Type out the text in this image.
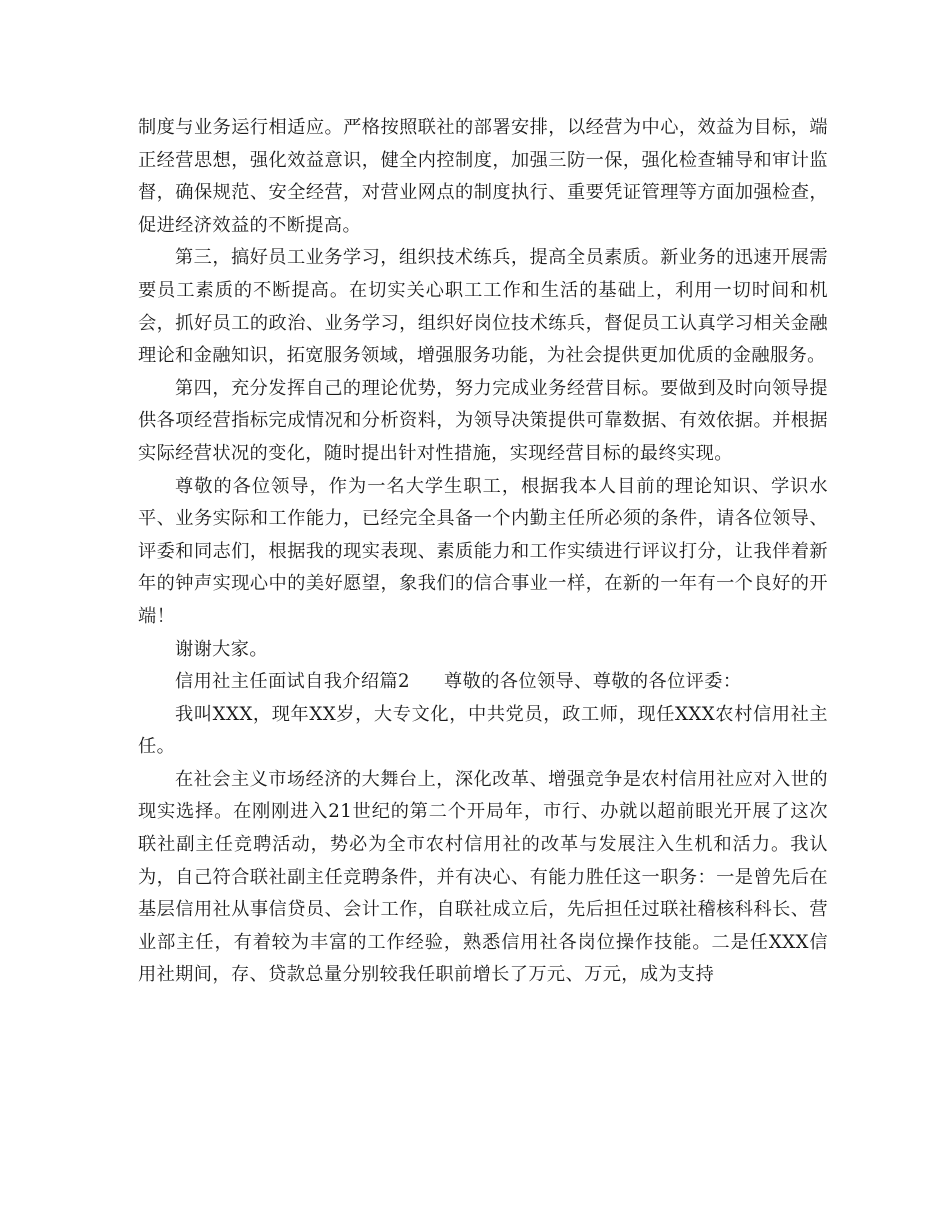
制度与业务运行相适应。严格按照联社的部署安排，以经营为中心，效益为目标，端正经营思想，强化效益意识，健全内控制度，加强三防一保，强化检查辅导和审计监督，确保规范、安全经营，对营业网点的制度执行、重要凭证管理等方面加强检查，促进经济效益的不断提高。

第三，搞好员工业务学习，组织技术练兵，提高全员素质。新业务的迅速开展需要员工素质的不断提高。在切实关心职工工作和生活的基础上，利用一切时间和机会，抓好员工的政治、业务学习，组织好岗位技术练兵，督促员工认真学习相关金融理论和金融知识，拓宽服务领域，增强服务功能，为社会提供更加优质的金融服务。

第四，充分发挥自己的理论优势，努力完成业务经营目标。要做到及时向领导提供各项经营指标完成情况和分析资料，为领导决策提供可靠数据、有效依据。并根据实际经营状况的变化，随时提出针对性措施，实现经营目标的最终实现。

尊敬的各位领导，作为一名大学生职工，根据我本人目前的理论知识、学识水平、业务实际和工作能力，已经完全具备一个内勤主任所必须的条件，请各位领导、评委和同志们，根据我的现实表现、素质能力和工作实绩进行评议打分，让我伴着新年的钟声实现心中的美好愿望，象我们的信合事业一样，在新的一年有一个良好的开端！

谢谢大家。

信用社主任面试自我介绍篇2 尊敬的各位领导、尊敬的各位评委：

我叫XXX，现年XX岁，大专文化，中共党员，政工师，现任XXX农村信用社主任。

在社会主义市场经济的大舞台上，深化改革、增强竞争是农村信用社应对入世的现实选择。在刚刚进入21世纪的第二个开局年，市行、办就以超前眼光开展了这次联社副主任竞聘活动，势必为全市农村信用社的改革与发展注入生机和活力。我认为，自己符合联社副主任竞聘条件，并有决心、有能力胜任这一职务：一是曾先后在基层信用社从事信贷员、会计工作，自联社成立后，先后担任过联社稽核科科长、营业部主任，有着较为丰富的工作经验，熟悉信用社各岗位操作技能。二是任XXX信用社期间，存、贷款总量分别较我任职前增长了万元、万元，成为支持
